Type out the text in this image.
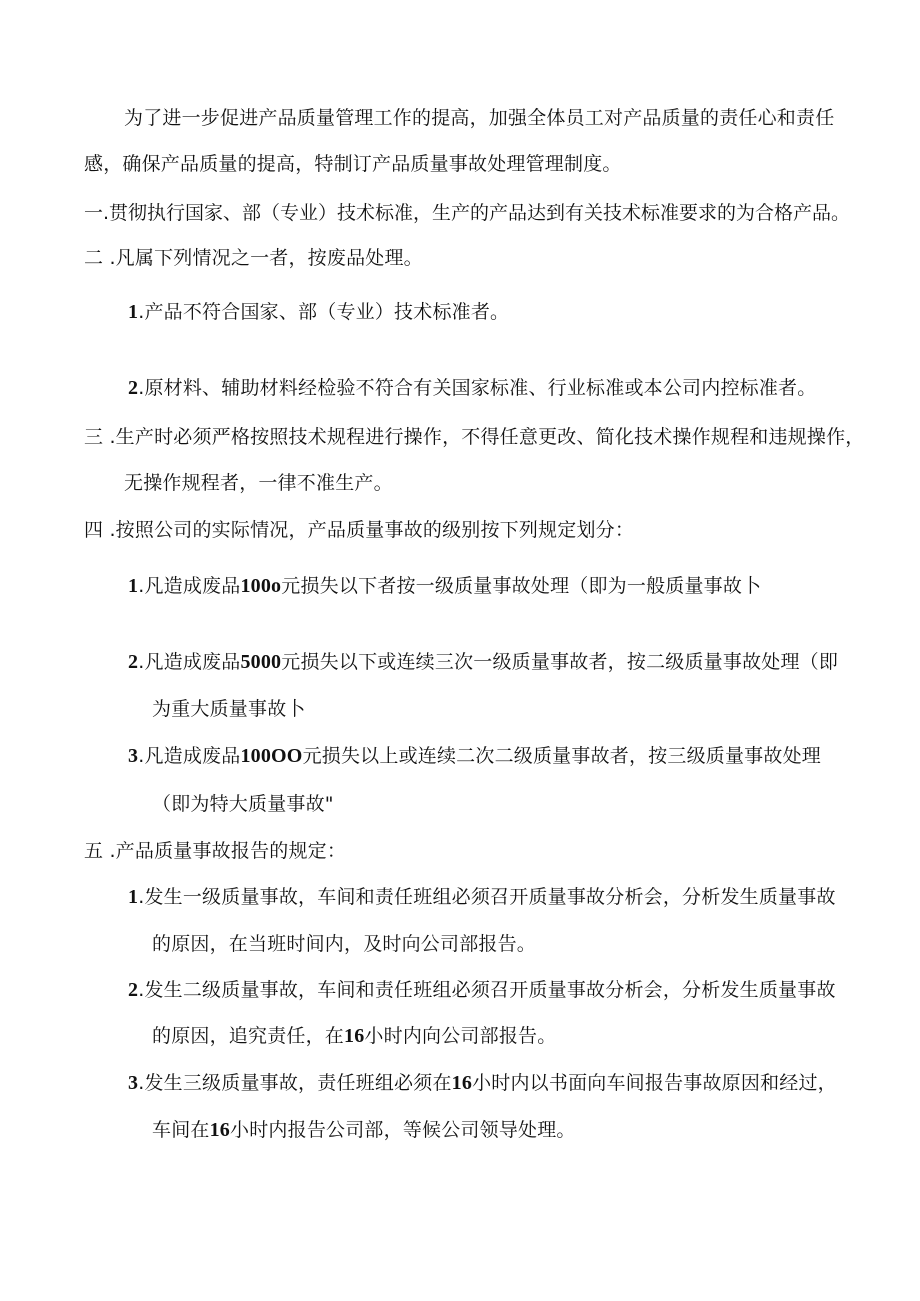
为了进一步促进产品质量管理工作的提高，加强全体员工对产品质量的责任心和责任
感，确保产品质量的提高，特制订产品质量事故处理管理制度。
一.贯彻执行国家、部（专业）技术标准，生产的产品达到有关技术标准要求的为合格产品。
二 .凡属下列情况之一者，按废品处理。
1.产品不符合国家、部（专业）技术标准者。
2.原材料、辅助材料经检验不符合有关国家标准、行业标准或本公司内控标准者。
三 .生产时必须严格按照技术规程进行操作，不得任意更改、简化技术操作规程和违规操作，
无操作规程者，一律不准生产。
四 .按照公司的实际情况，产品质量事故的级别按下列规定划分：
1.凡造成废品100o元损失以下者按一级质量事故处理（即为一般质量事故卜
2.凡造成废品5000元损失以下或连续三次一级质量事故者，按二级质量事故处理（即
为重大质量事故卜
3.凡造成废品100OO元损失以上或连续二次二级质量事故者，按三级质量事故处理
（即为特大质量事故"
五 .产品质量事故报告的规定：
1.发生一级质量事故，车间和责任班组必须召开质量事故分析会，分析发生质量事故
的原因，在当班时间内，及时向公司部报告。
2.发生二级质量事故，车间和责任班组必须召开质量事故分析会，分析发生质量事故
的原因，追究责任，在16小时内向公司部报告。
3.发生三级质量事故，责任班组必须在16小时内以书面向车间报告事故原因和经过，
车间在16小时内报告公司部，等候公司领导处理。
